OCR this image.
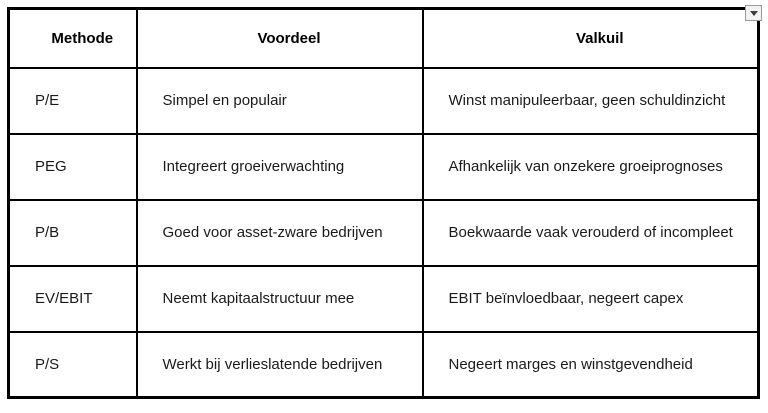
Methode	Voordeel	Valkuil
P/E	Simpel en populair	Winst manipuleerbaar, geen schuldinzicht
PEG	Integreert groeiverwachting	Afhankelijk van onzekere groeiprognoses
P/B	Goed voor asset-zware bedrijven	Boekwaarde vaak verouderd of incompleet
EV/EBIT	Neemt kapitaalstructuur mee	EBIT beïnvloedbaar, negeert capex
P/S	Werkt bij verlieslatende bedrijven	Negeert marges en winstgevendheid
